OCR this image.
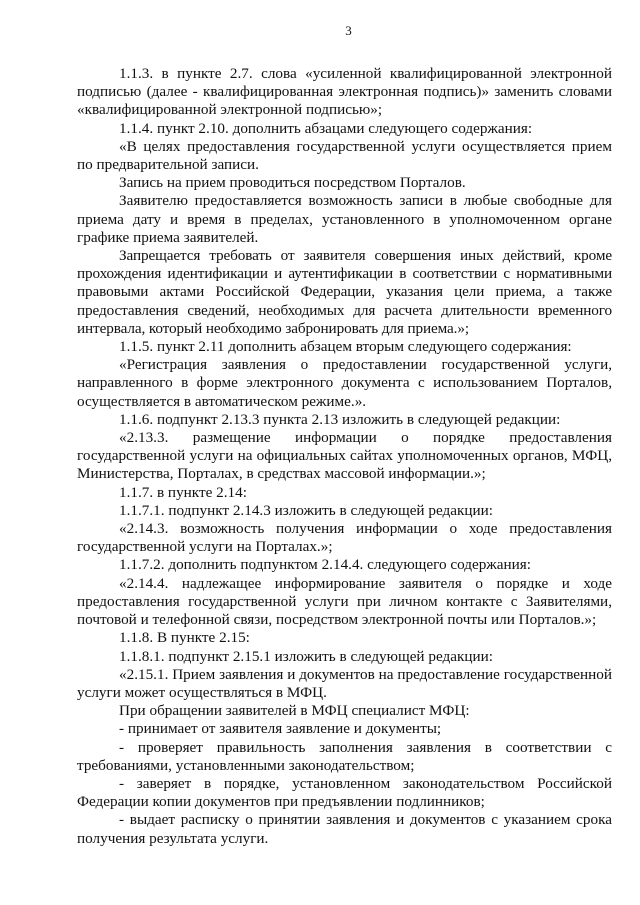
3

1.1.3. в пункте 2.7. слова «усиленной квалифицированной электронной подписью (далее - квалифицированная электронная подпись)» заменить словами «квалифицированной электронной подписью»;

1.1.4. пункт 2.10. дополнить абзацами следующего содержания:

«В целях предоставления государственной услуги осуществляется прием по предварительной записи.

Запись на прием проводиться посредством Порталов.

Заявителю предоставляется возможность записи в любые свободные для приема дату и время в пределах, установленного в уполномоченном органе графике приема заявителей.

Запрещается требовать от заявителя совершения иных действий, кроме прохождения идентификации и аутентификации в соответствии с нормативными правовыми актами Российской Федерации, указания цели приема, а также предоставления сведений, необходимых для расчета длительности временного интервала, который необходимо забронировать для приема.»;

1.1.5. пункт 2.11 дополнить абзацем вторым следующего содержания:

«Регистрация заявления о предоставлении государственной услуги, направленного в форме электронного документа с использованием Порталов, осуществляется в автоматическом режиме.».

1.1.6. подпункт 2.13.3 пункта 2.13 изложить в следующей редакции:

«2.13.3. размещение информации о порядке предоставления государственной услуги на официальных сайтах уполномоченных органов, МФЦ, Министерства, Порталах, в средствах массовой информации.»;

1.1.7. в пункте 2.14:

1.1.7.1. подпункт 2.14.3 изложить в следующей редакции:

«2.14.3. возможность получения информации о ходе предоставления государственной услуги на Порталах.»;

1.1.7.2. дополнить подпунктом 2.14.4. следующего содержания:

«2.14.4. надлежащее информирование заявителя о порядке и ходе предоставления государственной услуги при личном контакте с Заявителями, почтовой и телефонной связи, посредством электронной почты или Порталов.»;

1.1.8. В пункте 2.15:

1.1.8.1. подпункт 2.15.1 изложить в следующей редакции:

«2.15.1. Прием заявления и документов на предоставление государственной услуги может осуществляться в МФЦ.

При обращении заявителей в МФЦ специалист МФЦ:

- принимает от заявителя заявление и документы;

- проверяет правильность заполнения заявления в соответствии с требованиями, установленными законодательством;

- заверяет в порядке, установленном законодательством Российской Федерации копии документов при предъявлении подлинников;

- выдает расписку о принятии заявления и документов с указанием срока получения результата услуги.
